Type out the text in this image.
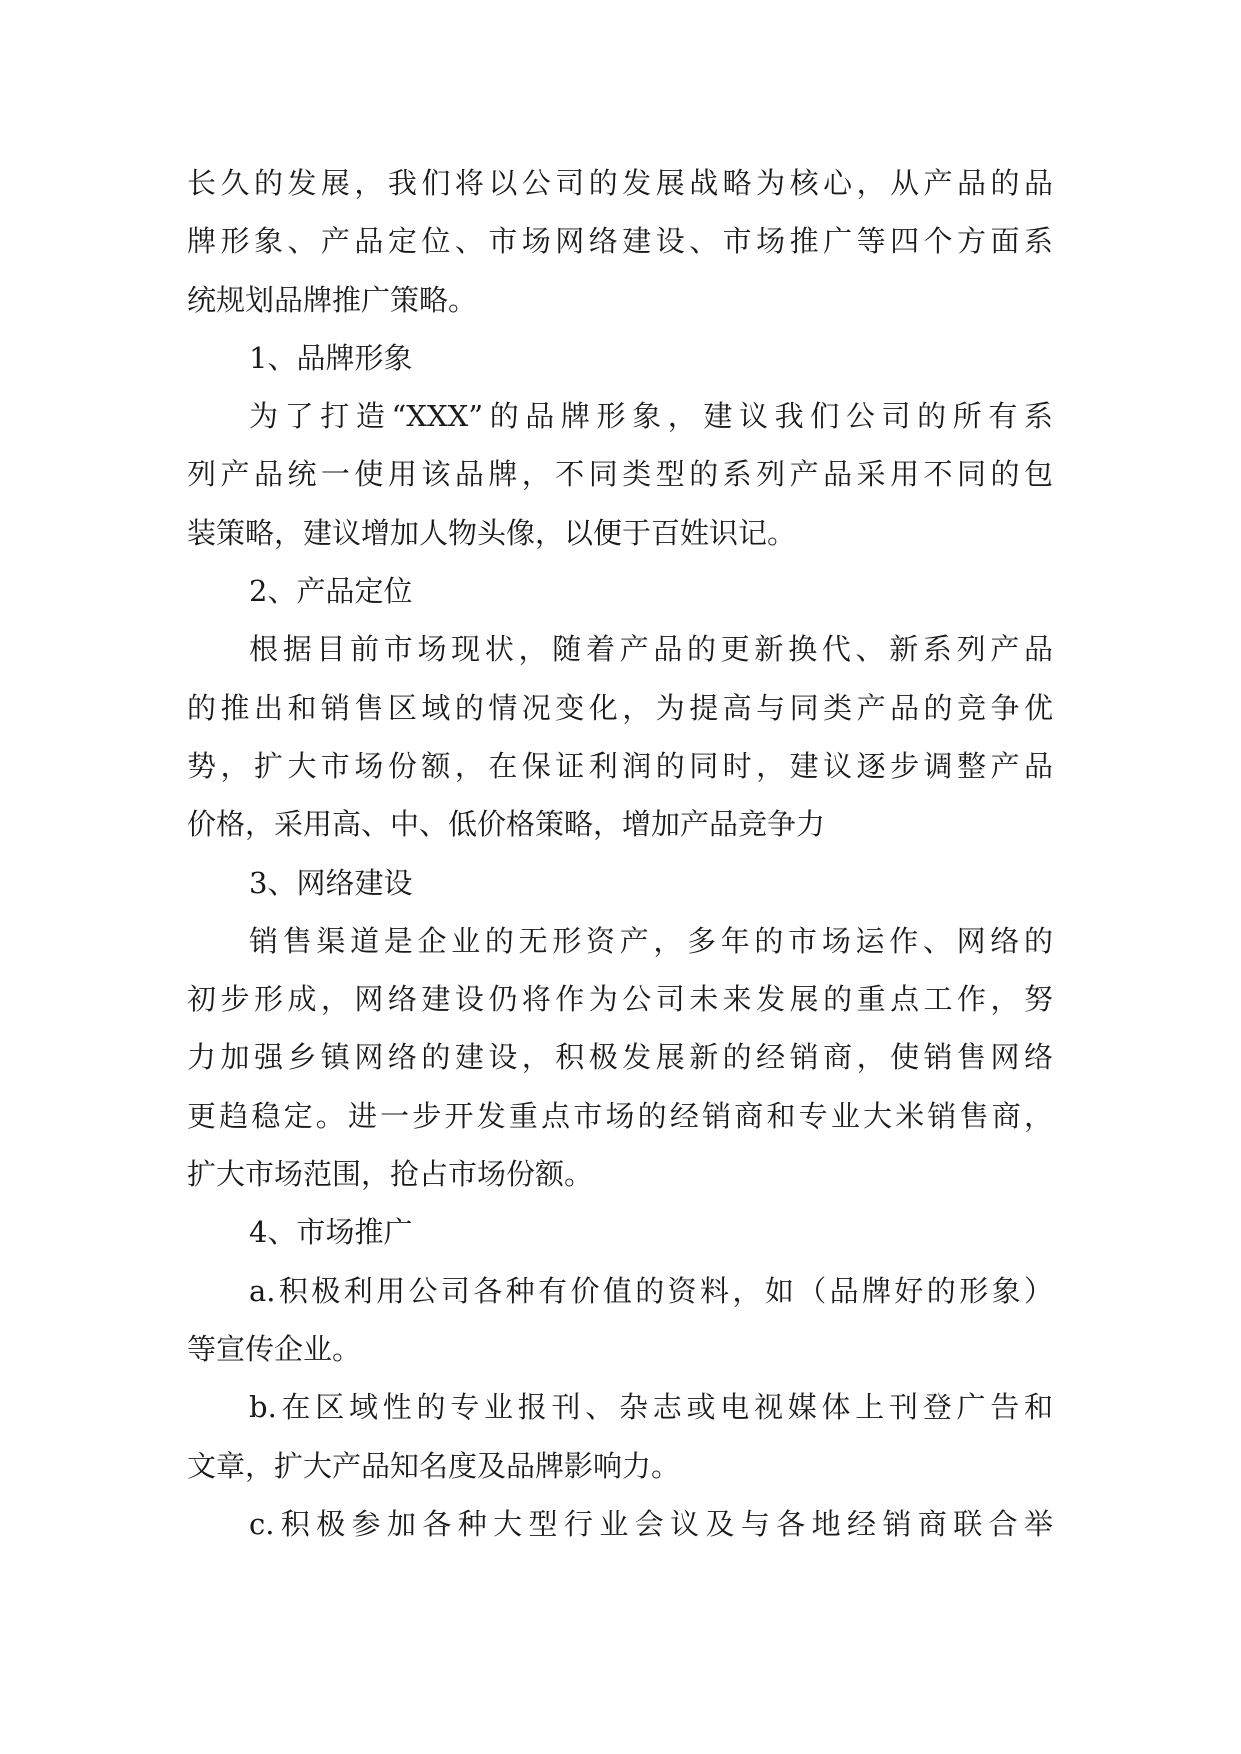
长久的发展，我们将以公司的发展战略为核心，从产品的品
牌形象、产品定位、市场网络建设、市场推广等四个方面系
统规划品牌推广策略。
1、品牌形象
为了打造“XXX”的品牌形象，建议我们公司的所有系
列产品统一使用该品牌，不同类型的系列产品采用不同的包
装策略，建议增加人物头像，以便于百姓识记。
2、产品定位
根据目前市场现状，随着产品的更新换代、新系列产品
的推出和销售区域的情况变化，为提高与同类产品的竞争优
势，扩大市场份额，在保证利润的同时，建议逐步调整产品
价格，采用高、中、低价格策略，增加产品竞争力
3、网络建设
销售渠道是企业的无形资产，多年的市场运作、网络的
初步形成，网络建设仍将作为公司未来发展的重点工作，努
力加强乡镇网络的建设，积极发展新的经销商，使销售网络
更趋稳定。进一步开发重点市场的经销商和专业大米销售商，
扩大市场范围，抢占市场份额。
4、市场推广
a.积极利用公司各种有价值的资料，如（品牌好的形象）
等宣传企业。
b.在区域性的专业报刊、杂志或电视媒体上刊登广告和
文章，扩大产品知名度及品牌影响力。
c.积极参加各种大型行业会议及与各地经销商联合举
